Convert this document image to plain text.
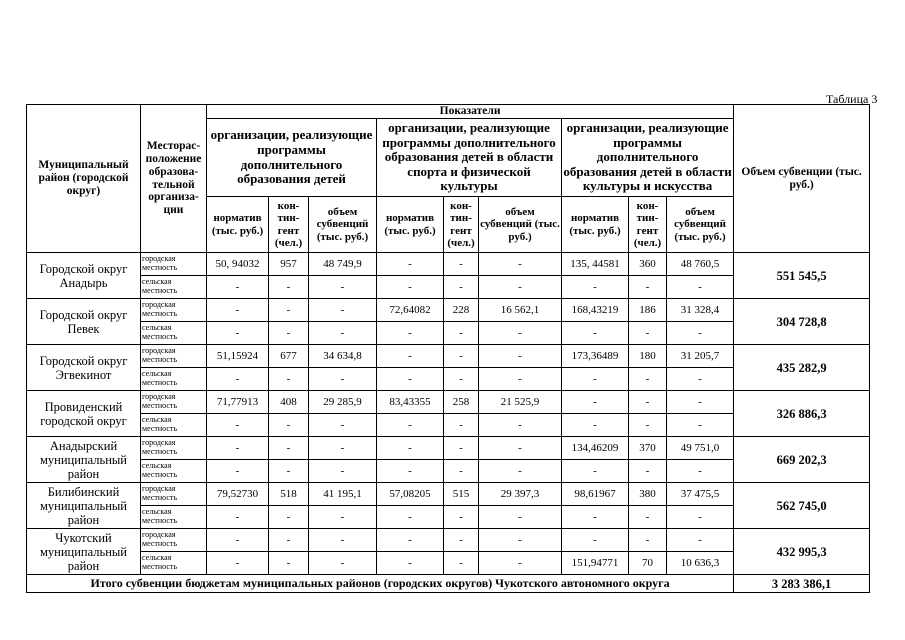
Таблица 3
Муниципальный район (городской округ)	Месторас-положение образова-тельной организа-ции	Показатели									Объем субвенции (тыс. руб.)
		организации, реализующие программы дополнительного образования детей			организации, реализующие программы дополнительного образования детей в области спорта и физической культуры			организации, реализующие программы дополнительного образования детей в области культуры и искусства			
		норматив (тыс. руб.)	кон-тин-гент (чел.)	объем субвенций (тыс. руб.)	норматив (тыс. руб.)	кон-тин-гент (чел.)	объем субвенций (тыс. руб.)	норматив (тыс. руб.)	кон-тин-гент (чел.)	объем субвенций (тыс. руб.)	
Городской округ Анадырь	городская местность	50, 94032	957	48 749,9	-	-	-	135, 44581	360	48 760,5	551 545,5
	сельская местность	-	-	-	-	-	-	-	-	-	
Городской округ Певек	городская местность	-	-	-	72,64082	228	16 562,1	168,43219	186	31 328,4	304 728,8
	сельская местность	-	-	-	-	-	-	-	-	-	
Городской округ Эгвекинот	городская местность	51,15924	677	34 634,8	-	-	-	173,36489	180	31 205,7	435 282,9
	сельская местность	-	-	-	-	-	-	-	-	-	
Провиденский городской округ	городская местность	71,77913	408	29 285,9	83,43355	258	21 525,9	-	-	-	326 886,3
	сельская местность	-	-	-	-	-	-	-	-	-	
Анадырский муниципальный район	городская местность	-	-	-	-	-	-	134,46209	370	49 751,0	669 202,3
	сельская местность	-	-	-	-	-	-	-	-	-	
Билибинский муниципальный район	городская местность	79,52730	518	41 195,1	57,08205	515	29 397,3	98,61967	380	37 475,5	562 745,0
	сельская местность	-	-	-	-	-	-	-	-	-	
Чукотский муниципальный район	городская местность	-	-	-	-	-	-	-	-	-	432 995,3
	сельская местность	-	-	-	-	-	-	151,94771	70	10 636,3	
Итого субвенции бюджетам муниципальных районов (городских округов) Чукотского автономного округа											3 283 386,1
